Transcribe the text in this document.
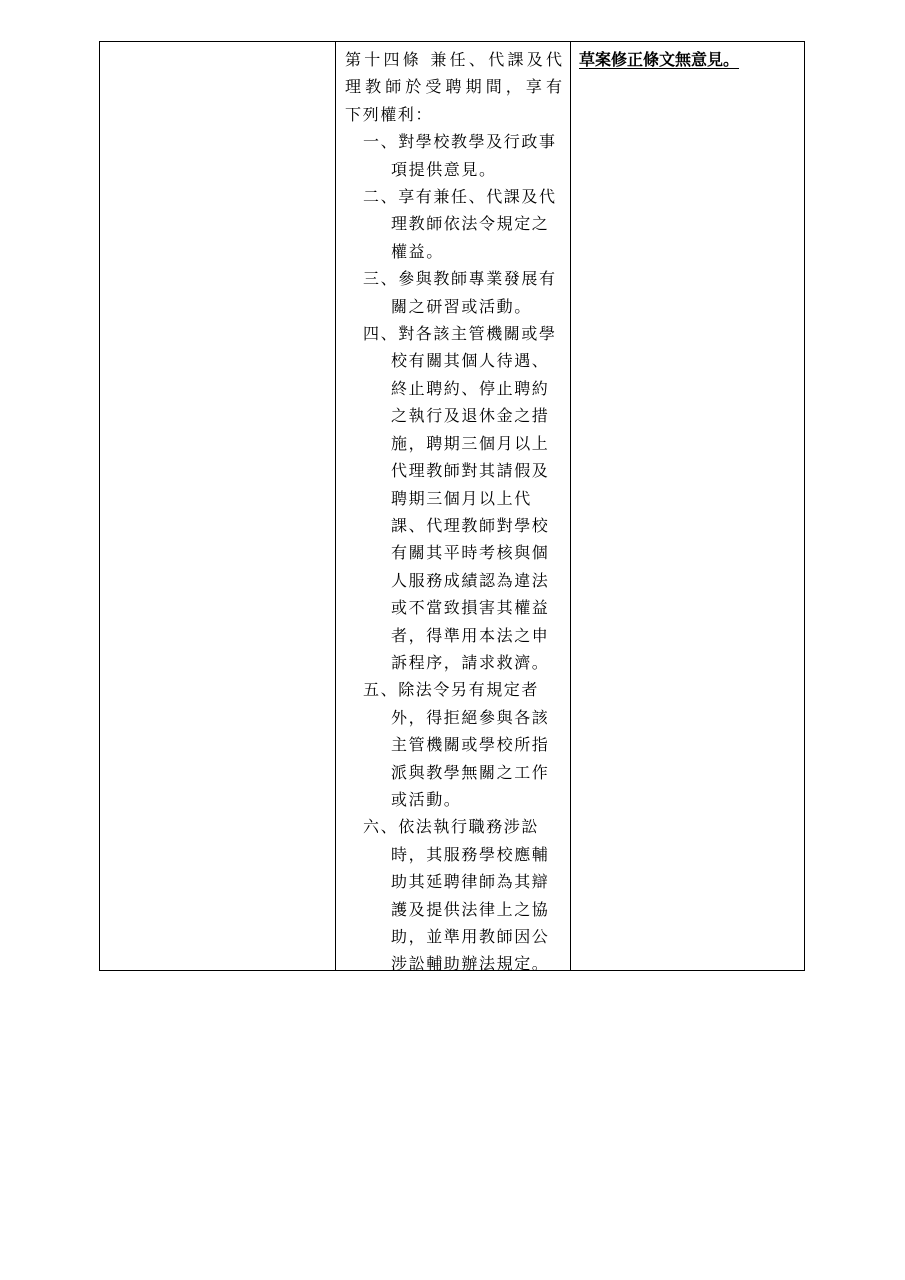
第十四條 兼任、代課及代
理教師於受聘期間，享有
下列權利：
一、對學校教學及行政事
項提供意見。
二、享有兼任、代課及代
理教師依法令規定之
權益。
三、參與教師專業發展有
關之研習或活動。
四、對各該主管機關或學
校有關其個人待遇、
終止聘約、停止聘約
之執行及退休金之措
施，聘期三個月以上
代理教師對其請假及
聘期三個月以上代
課、代理教師對學校
有關其平時考核與個
人服務成績認為違法
或不當致損害其權益
者，得準用本法之申
訴程序，請求救濟。
五、除法令另有規定者
外，得拒絕參與各該
主管機關或學校所指
派與教學無關之工作
或活動。
六、依法執行職務涉訟
時，其服務學校應輔
助其延聘律師為其辯
護及提供法律上之協
助，並準用教師因公
涉訟輔助辦法規定。
草案修正條文無意見。
